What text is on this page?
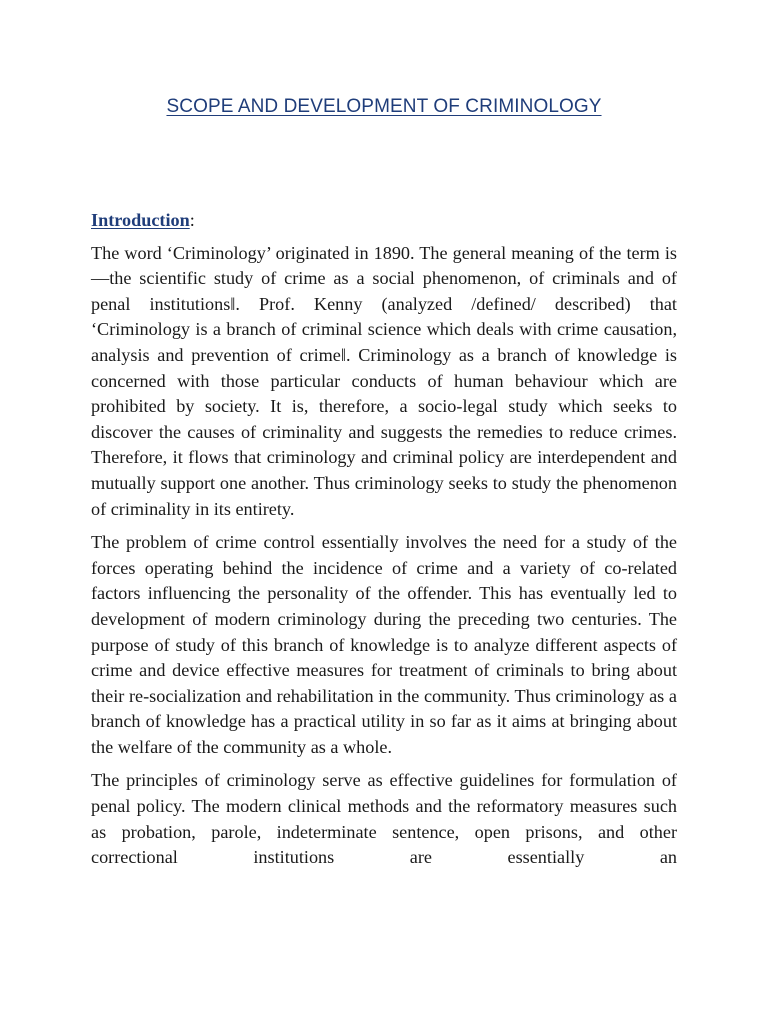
SCOPE AND DEVELOPMENT OF CRIMINOLOGY

Introduction:

The word ‘Criminology’ originated in 1890. The general meaning of the term is —the scientific study of crime as a social phenomenon, of criminals and of penal institutions‖. Prof. Kenny (analyzed /defined/ described) that ‘Criminology is a branch of criminal science which deals with crime causation, analysis and prevention of crime‖. Criminology as a branch of knowledge is concerned with those particular conducts of human behaviour which are prohibited by society. It is, therefore, a socio-legal study which seeks to discover the causes of criminality and suggests the remedies to reduce crimes. Therefore, it flows that criminology and criminal policy are interdependent and mutually support one another. Thus criminology seeks to study the phenomenon of criminality in its entirety.

The problem of crime control essentially involves the need for a study of the forces operating behind the incidence of crime and a variety of co-related factors influencing the personality of the offender. This has eventually led to development of modern criminology during the preceding two centuries. The purpose of study of this branch of knowledge is to analyze different aspects of crime and device effective measures for treatment of criminals to bring about their re-socialization and rehabilitation in the community. Thus criminology as a branch of knowledge has a practical utility in so far as it aims at bringing about the welfare of the community as a whole.

The principles of criminology serve as effective guidelines for formulation of penal policy. The modern clinical methods and the reformatory measures such as probation, parole, indeterminate sentence, open prisons, and other correctional institutions are essentially an
